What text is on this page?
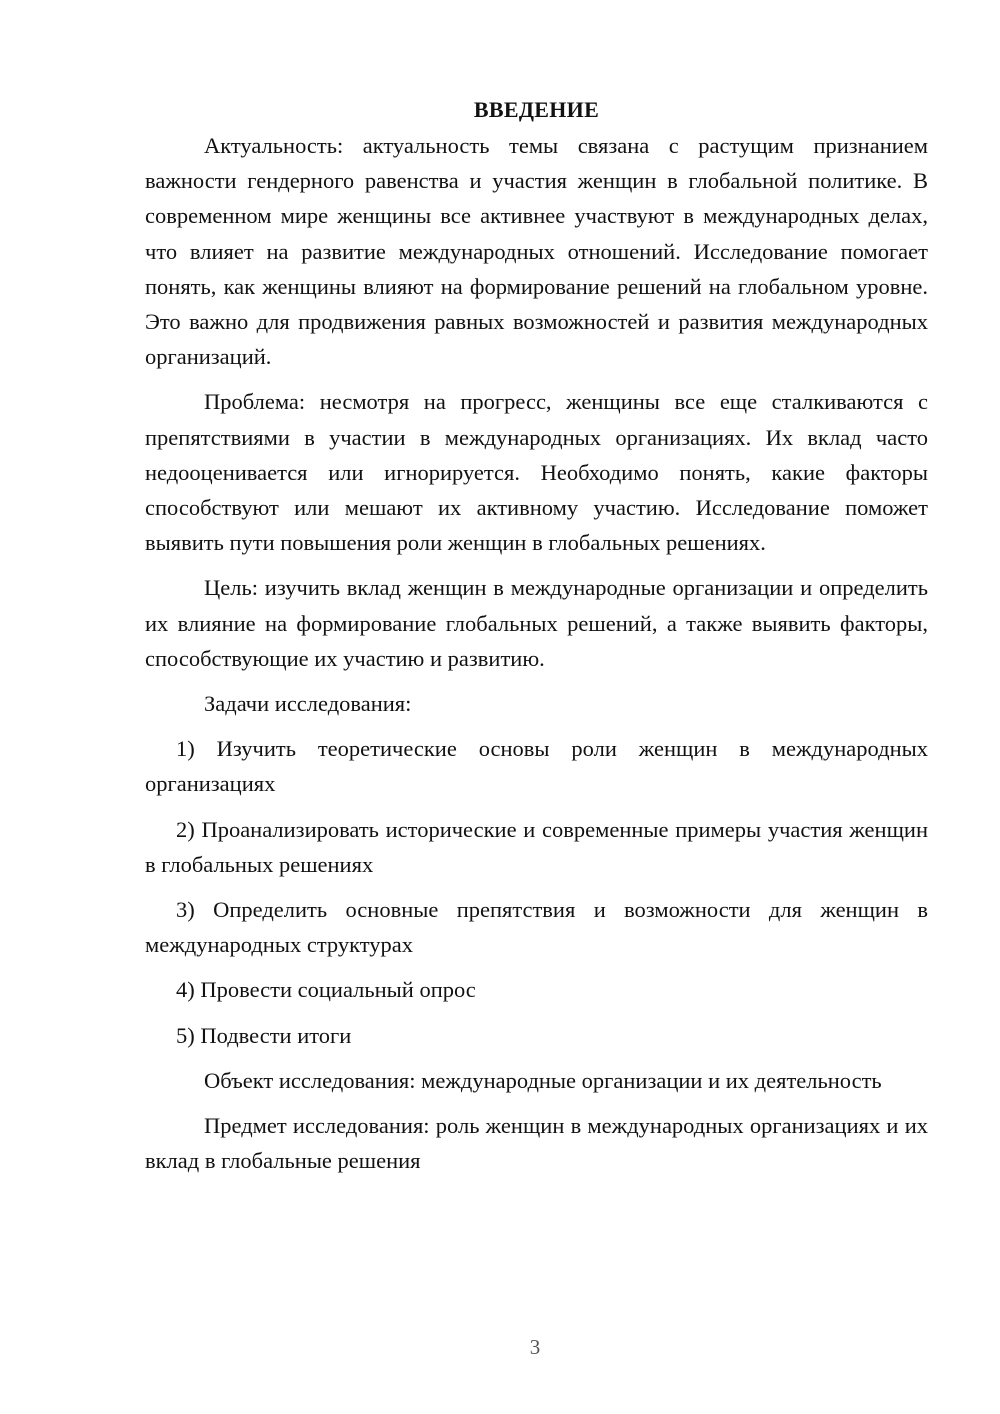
ВВЕДЕНИЕ

Актуальность: актуальность темы связана с растущим признанием важности гендерного равенства и участия женщин в глобальной политике. В современном мире женщины все активнее участвуют в международных делах, что влияет на развитие международных отношений. Исследование помогает понять, как женщины влияют на формирование решений на глобальном уровне. Это важно для продвижения равных возможностей и развития международных организаций.

Проблема: несмотря на прогресс, женщины все еще сталкиваются с препятствиями в участии в международных организациях. Их вклад часто недооценивается или игнорируется. Необходимо понять, какие факторы способствуют или мешают их активному участию. Исследование поможет выявить пути повышения роли женщин в глобальных решениях.

Цель: изучить вклад женщин в международные организации и определить их влияние на формирование глобальных решений, а также выявить факторы, способствующие их участию и развитию.

Задачи исследования:

1) Изучить теоретические основы роли женщин в международных организациях

2) Проанализировать исторические и современные примеры участия женщин в глобальных решениях

3) Определить основные препятствия и возможности для женщин в международных структурах

4) Провести социальный опрос

5) Подвести итоги

Объект исследования: международные организации и их деятельность

Предмет исследования: роль женщин в международных организациях и их вклад в глобальные решения

3
